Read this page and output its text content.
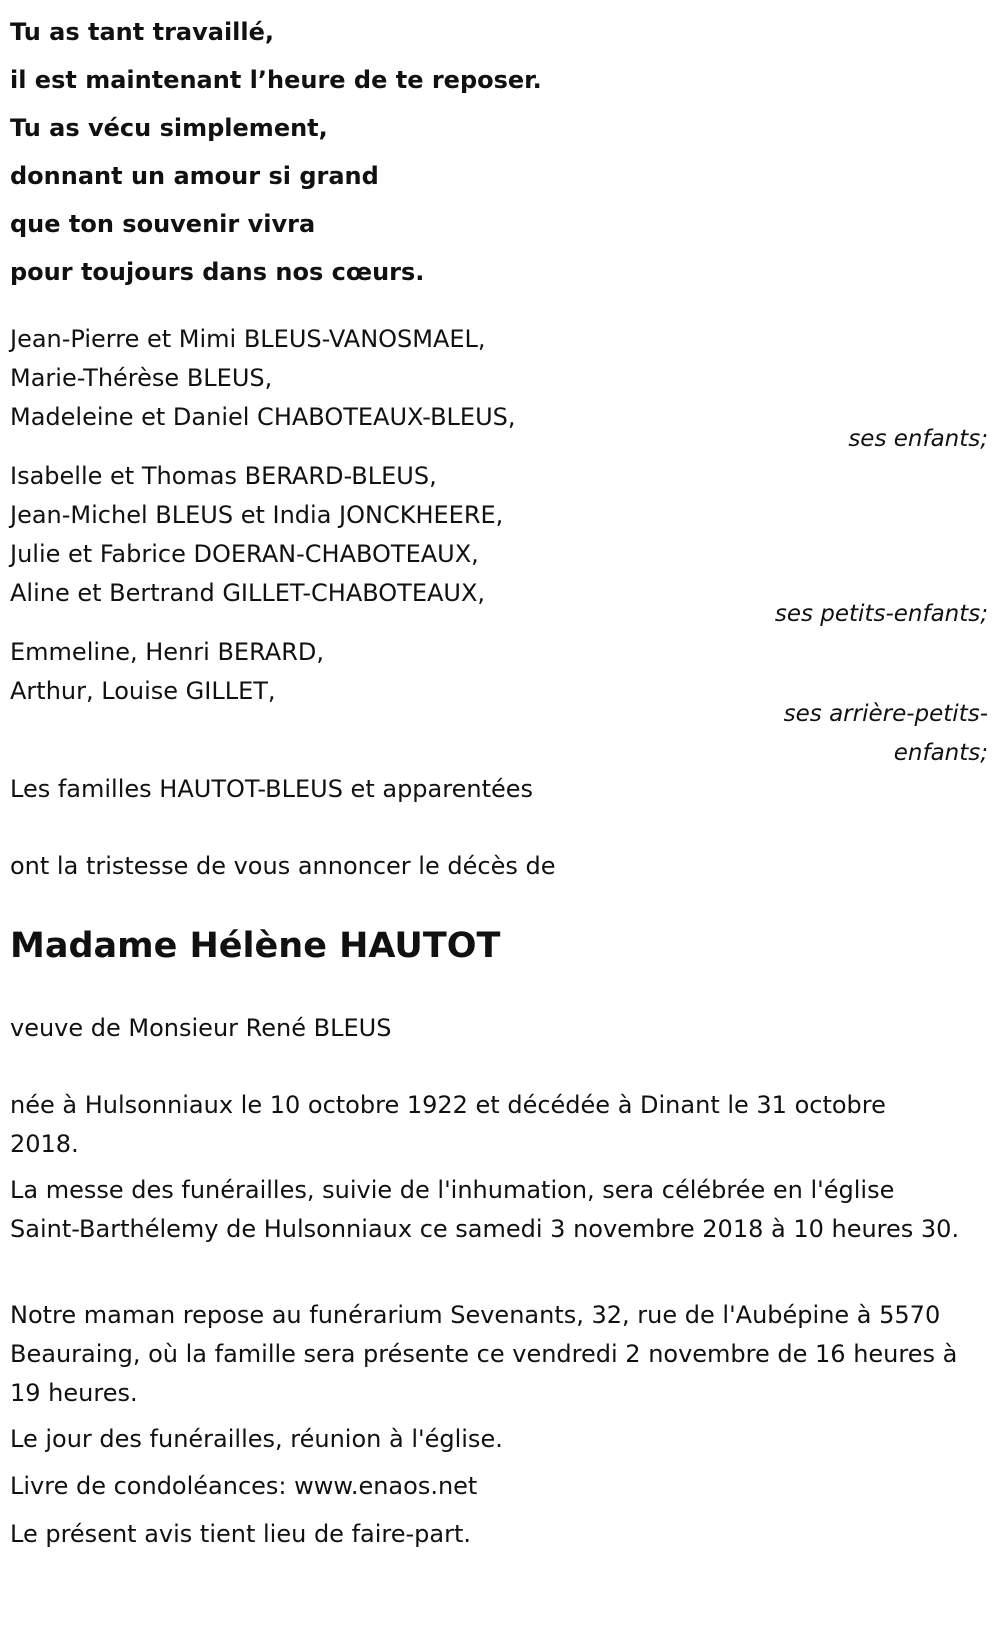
Tu as tant travaillé,
il est maintenant l’heure de te reposer.
Tu as vécu simplement,
donnant un amour si grand
que ton souvenir vivra
pour toujours dans nos cœurs.
Jean-Pierre et Mimi BLEUS-VANOSMAEL,
Marie-Thérèse BLEUS,
Madeleine et Daniel CHABOTEAUX-BLEUS,
ses enfants;
Isabelle et Thomas BERARD-BLEUS,
Jean-Michel BLEUS et India JONCKHEERE,
Julie et Fabrice DOERAN-CHABOTEAUX,
Aline et Bertrand GILLET-CHABOTEAUX,
ses petits-enfants;
Emmeline, Henri BERARD,
Arthur, Louise GILLET,
ses arrière-petits-enfants;
Les familles HAUTOT-BLEUS et apparentées
ont la tristesse de vous annoncer le décès de
Madame Hélène HAUTOT
veuve de Monsieur René BLEUS
née à Hulsonniaux le 10 octobre 1922 et décédée à Dinant le 31 octobre 2018.
La messe des funérailles, suivie de l'inhumation, sera célébrée en l'église Saint-Barthélemy de Hulsonniaux ce samedi 3 novembre 2018 à 10 heures 30.
Notre maman repose au funérarium Sevenants, 32, rue de l'Aubépine à 5570 Beauraing, où la famille sera présente ce vendredi 2 novembre de 16 heures à 19 heures.
Le jour des funérailles, réunion à l'église.
Livre de condoléances: www.enaos.net
Le présent avis tient lieu de faire-part.
